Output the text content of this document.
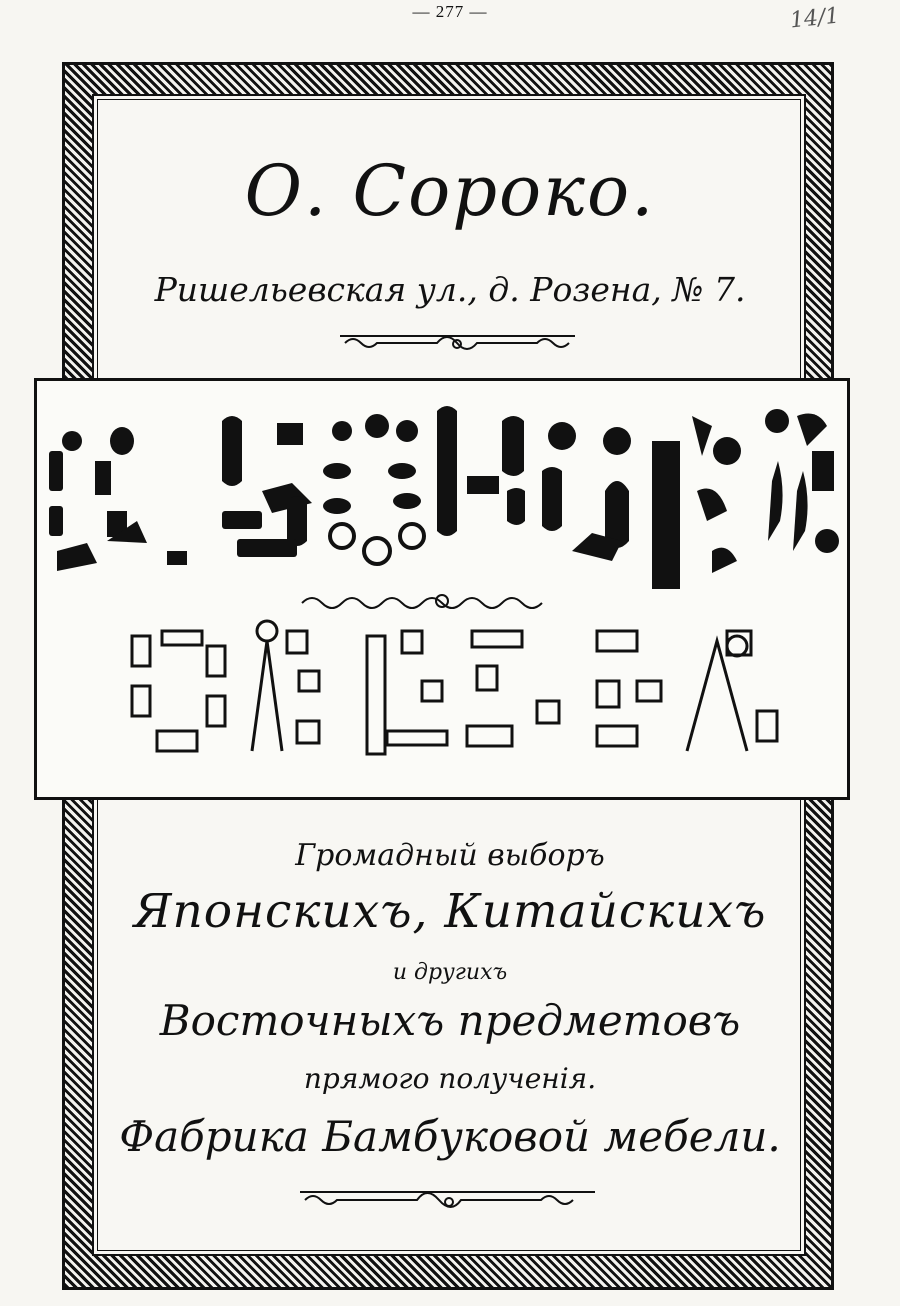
— 277 —	14/1
О. Сороко.
Ришельевская ул., д. Розена, № 7.
Громадный выборъ
Японскихъ, Китайскихъ
и другихъ
Восточныхъ предметовъ
прямого полученія.
Фабрика Бамбуковой мебели.
